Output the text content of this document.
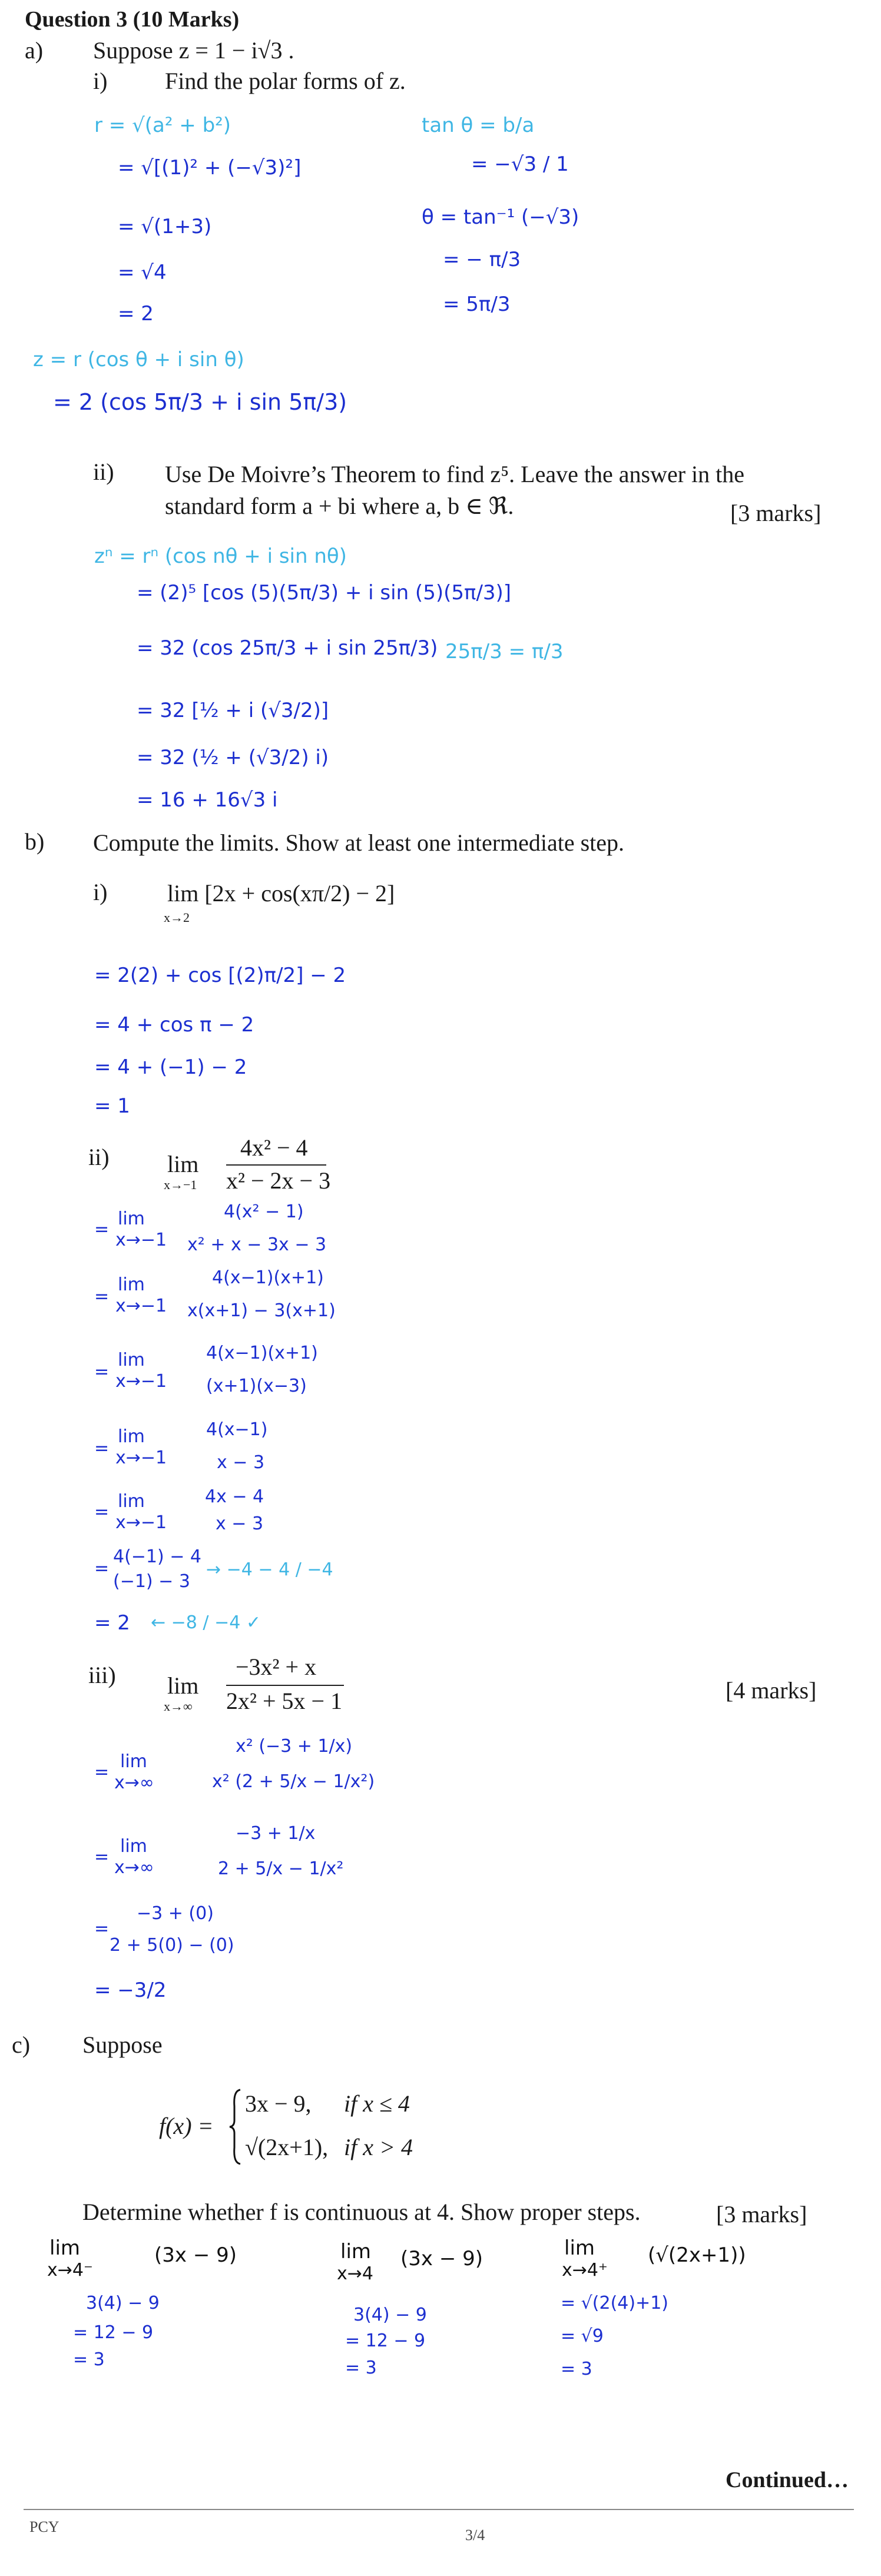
Question 3 (10 Marks)
a) Suppose z = 1 − i√3 .
i) Find the polar forms of z.
r = √(a² + b²)
= √[(1)² + (−√3)²]
= √(1+3)
= √4
= 2
tan θ = b/a
= −√3 / 1
θ = tan⁻¹ (−√3)
= − π/3
= 5π/3
z = r (cos θ + i sin θ)
= 2 (cos 5π/3 + i sin 5π/3)
ii) Use De Moivre’s Theorem to find z⁵. Leave the answer in the
standard form a + bi where a, b ∈ ℜ.	[3 marks]
zⁿ = rⁿ (cos nθ + i sin nθ)
= (2)⁵ [cos (5)(5π/3) + i sin (5)(5π/3)]
= 32 (cos 25π/3 + i sin 25π/3) 25π/3 = π/3
= 32 [½ + i (√3/2)]
= 32 (½ + (√3/2) i)
= 16 + 16√3 i
b) Compute the limits. Show at least one intermediate step.
i)	lim [2x + cos(xπ/2) − 2]
x→2
= 2(2) + cos [(2)π/2] − 2
= 4 + cos π − 2
= 4 + (−1) − 2
= 1
ii) lim
x→−1
4x² − 4
x² − 2x − 3
=
lim
x→−1
4(x² − 1)
x² + x − 3x − 3
=
lim
x→−1
4(x−1)(x+1)
x(x+1) − 3(x+1)
=
lim
x→−1
4(x−1)(x+1)
(x+1)(x−3)
=
lim
x→−1
4(x−1)
x − 3
=
lim
x→−1
4x − 4
x − 3
=
4(−1) − 4
(−1) − 3
→ −4 − 4 / −4
= 2 ← −8 / −4 ✓
iii) lim
x→∞
−3x² + x
2x² + 5x − 1	[4 marks]
=
lim
x→∞
x² (−3 + 1/x)
x² (2 + 5/x − 1/x²)
=
lim
x→∞
−3 + 1/x
2 + 5/x − 1/x²
=
−3 + (0)
2 + 5(0) − (0)
= −3/2
c) Suppose
f(x) =
3x − 9, if x ≤ 4
√(2x+1), if x > 4
Determine whether f is continuous at 4. Show proper steps.	[3 marks]
lim
x→4⁻
(3x − 9)
3(4) − 9
= 12 − 9
= 3
lim
x→4
(3x − 9)
3(4) − 9
= 12 − 9
= 3
lim
x→4⁺
(√(2x+1))
= √(2(4)+1)
= √9
= 3
Continued…
PCY	3/4
